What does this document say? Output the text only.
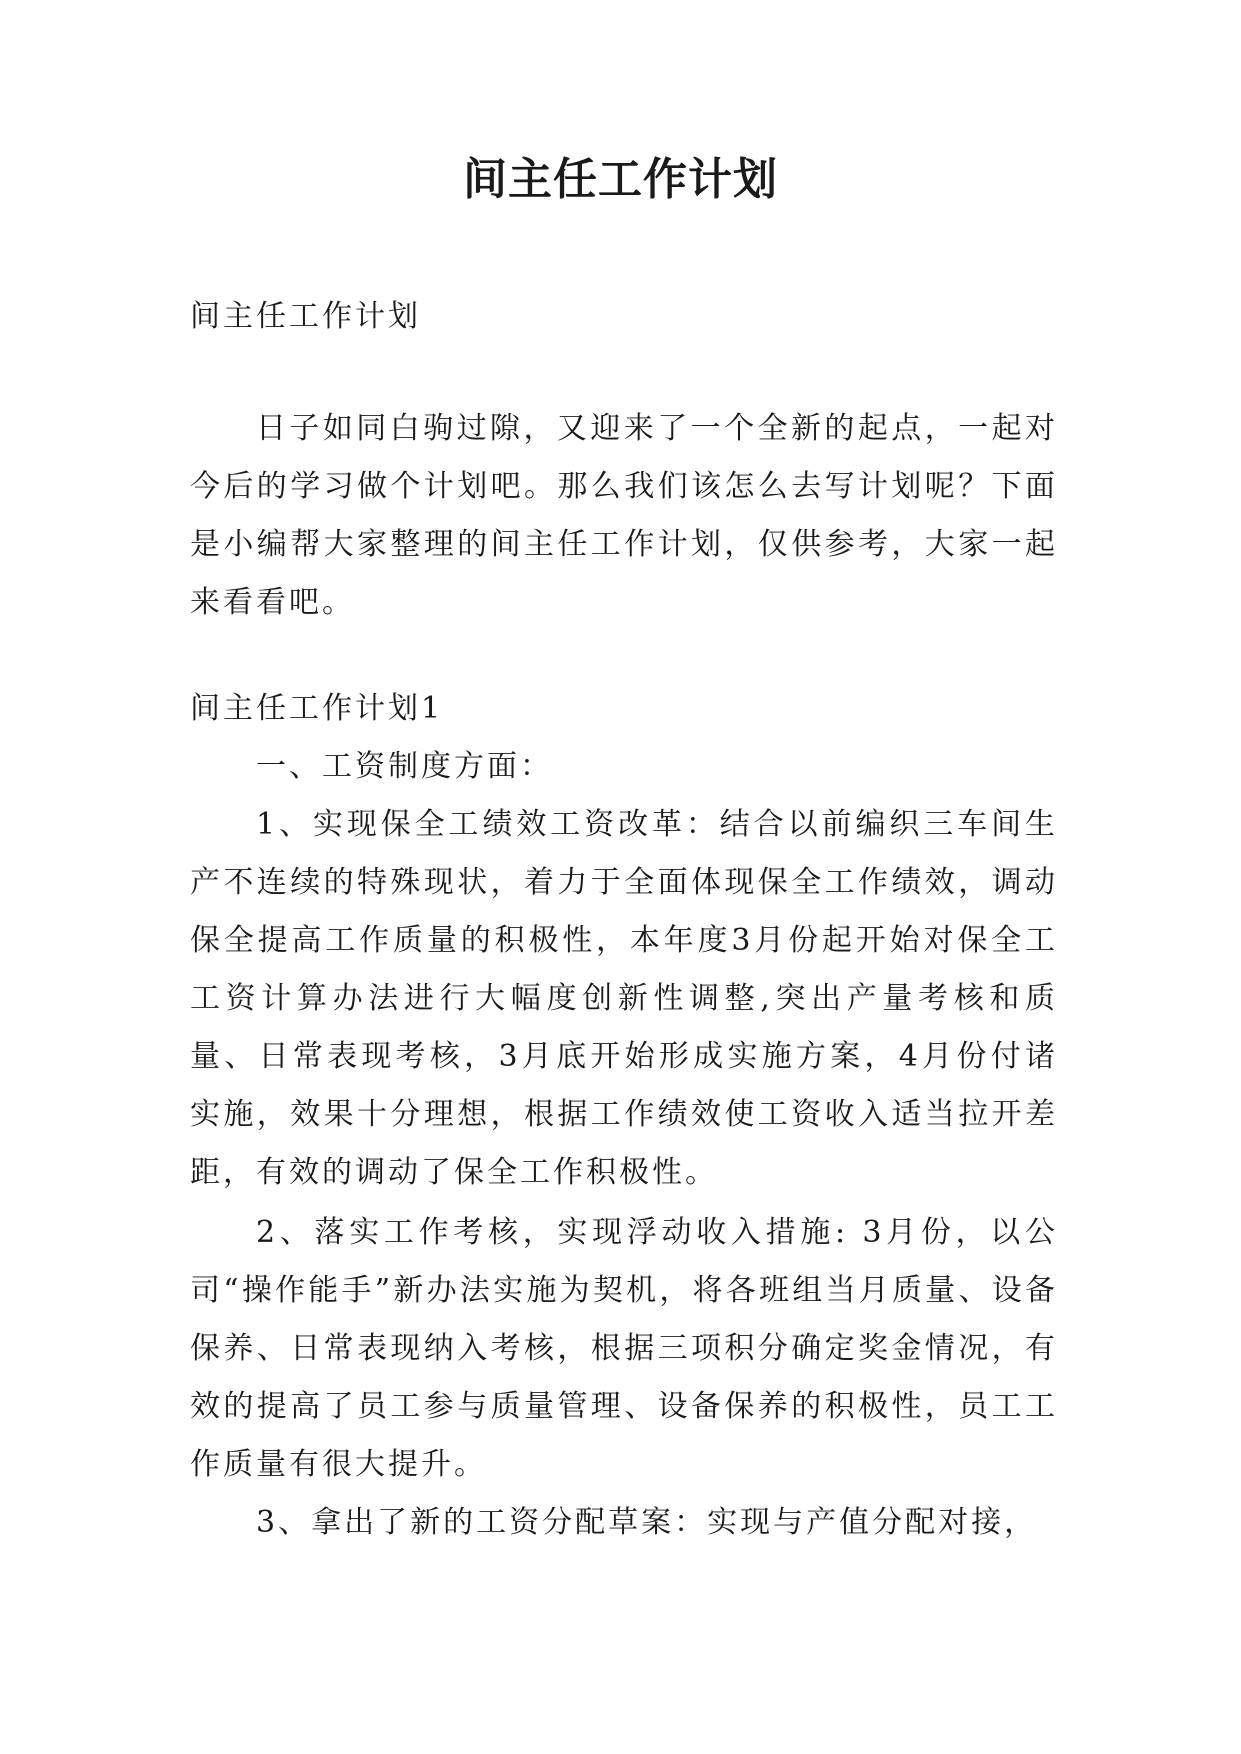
间主任工作计划

间主任工作计划

日子如同白驹过隙，又迎来了一个全新的起点，一起对今后的学习做个计划吧。那么我们该怎么去写计划呢？下面是小编帮大家整理的间主任工作计划，仅供参考，大家一起来看看吧。

间主任工作计划1

一、工资制度方面：

1、实现保全工绩效工资改革：结合以前编织三车间生产不连续的特殊现状，着力于全面体现保全工作绩效，调动保全提高工作质量的积极性，本年度3月份起开始对保全工工资计算办法进行大幅度创新性调整,突出产量考核和质量、日常表现考核，3月底开始形成实施方案，4月份付诸实施，效果十分理想，根据工作绩效使工资收入适当拉开差距，有效的调动了保全工作积极性。

2、落实工作考核，实现浮动收入措施: 3月份，以公司“操作能手”新办法实施为契机，将各班组当月质量、设备保养、日常表现纳入考核，根据三项积分确定奖金情况，有效的提高了员工参与质量管理、设备保养的积极性，员工工作质量有很大提升。

3、拿出了新的工资分配草案：实现与产值分配对接，
